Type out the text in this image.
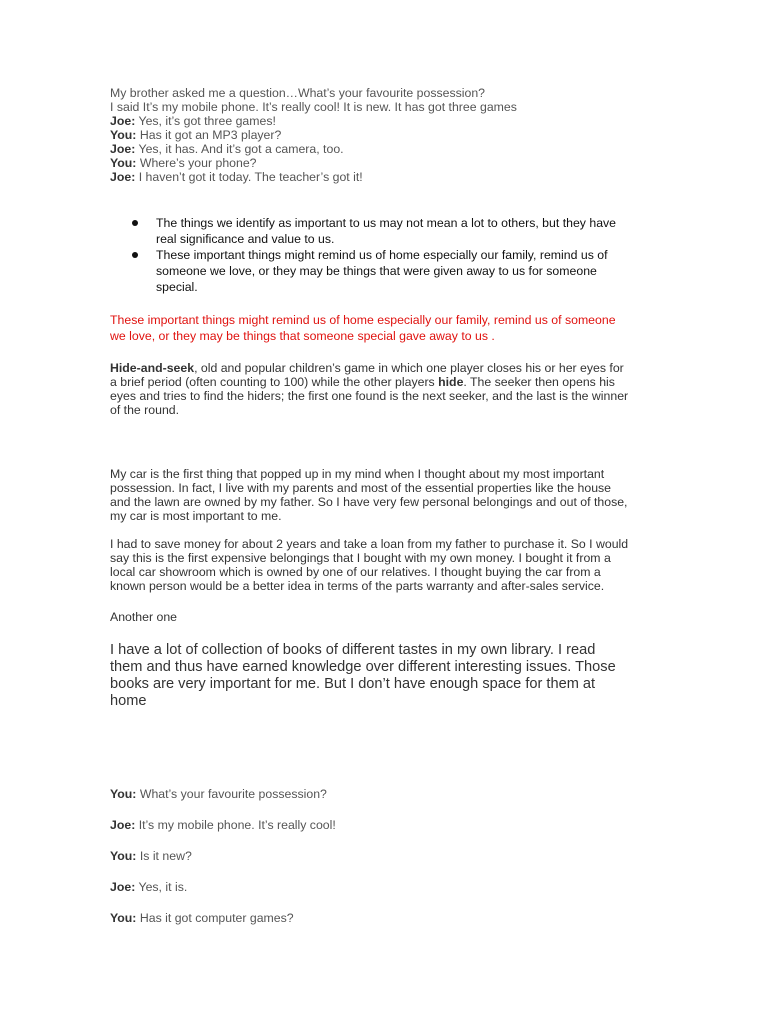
My brother asked me a question…What’s your favourite possession?
I said It’s my mobile phone. It’s really cool! It is new. It has got three games
Joe: Yes, it’s got three games!
You: Has it got an MP3 player?
Joe: Yes, it has. And it’s got a camera, too.
You: Where’s your phone?
Joe: I haven’t got it today. The teacher’s got it!
The things we identify as important to us may not mean a lot to others, but they have
real significance and value to us.
These important things might remind us of home especially our family, remind us of
someone we love, or they may be things that were given away to us for someone
special.
These important things might remind us of home especially our family, remind us of someone
we love, or they may be things that someone special gave away to us .
Hide-and-seek, old and popular children’s game in which one player closes his or her eyes for
a brief period (often counting to 100) while the other players hide. The seeker then opens his
eyes and tries to find the hiders; the first one found is the next seeker, and the last is the winner
of the round.
My car is the first thing that popped up in my mind when I thought about my most important
possession. In fact, I live with my parents and most of the essential properties like the house
and the lawn are owned by my father. So I have very few personal belongings and out of those,
my car is most important to me.
I had to save money for about 2 years and take a loan from my father to purchase it. So I would
say this is the first expensive belongings that I bought with my own money. I bought it from a
local car showroom which is owned by one of our relatives. I thought buying the car from a
known person would be a better idea in terms of the parts warranty and after-sales service.
Another one
I have a lot of collection of books of different tastes in my own library. I read
them and thus have earned knowledge over different interesting issues. Those
books are very important for me. But I don’t have enough space for them at
home
You: What’s your favourite possession?
Joe: It’s my mobile phone. It’s really cool!
You: Is it new?
Joe: Yes, it is.
You: Has it got computer games?
